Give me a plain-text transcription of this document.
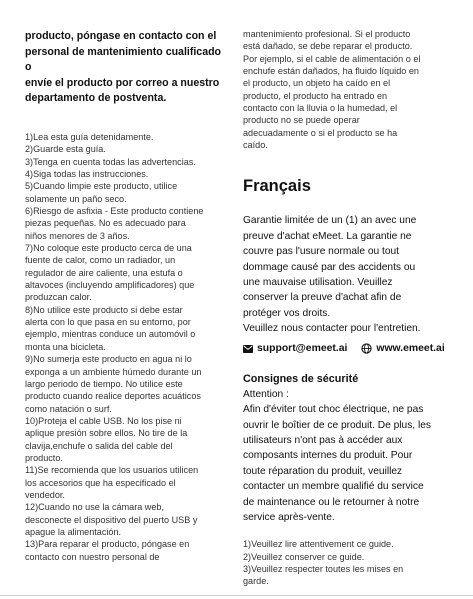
producto, póngase en contacto con el
personal de mantenimiento cualificado o
envíe el producto por correo a nuestro
departamento de postventa.

1)Lea esta guía detenidamente.

2)Guarde esta guía.

3)Tenga en cuenta todas las advertencias.

4)Siga todas las instrucciones.

5)Cuando limpie este producto, utilice

solamente un paño seco.

6)Riesgo de asfixia - Este producto contiene

piezas pequeñas. No es adecuado para

niños menores de 3 años.

7)No coloque este producto cerca de una

fuente de calor, como un radiador, un

regulador de aire caliente, una estufa o

altavoces (incluyendo amplificadores) que

produzcan calor.

8)No utilice este producto si debe estar

alerta con lo que pasa en su entorno, por

ejemplo, mientras conduce un automóvil o

monta una bicicleta.

9)No sumerja este producto en agua ni lo

exponga a un ambiente húmedo durante un

largo periodo de tiempo. No utilice este

producto cuando realice deportes acuáticos

como natación o surf.

10)Proteja el cable USB. No los pise ni

aplique presión sobre ellos. No tire de la

clavija,enchufe o salida del cable del

producto.

11)Se recomienda que los usuarios utilicen

los accesorios que ha especificado el

vendedor.

12)Cuando no use la cámara web,

desconecte el dispositivo del puerto USB y

apague la alimentación.

13)Para reparar el producto, póngase en

contacto con nuestro personal de

mantenimiento profesional. Si el producto

está dañado, se debe reparar el producto.

Por ejemplo, si el cable de alimentación o el

enchufe están dañados, ha fluido líquido en

el producto, un objeto ha caído en el

producto, el producto ha entrado en

contacto con la lluvia o la humedad, el

producto no se puede operar

adecuadamente o si el producto se ha

caído.

Français

Garantie limitée de un (1) an avec une

preuve d'achat eMeet. La garantie ne

couvre pas l'usure normale ou tout

dommage causé par des accidents ou

une mauvaise utilisation. Veuillez

conserver la preuve d'achat afin de

protéger vos droits.

Veuillez nous contacter pour l'entretien.

support@emeet.ai	www.emeet.ai
Consignes de sécurité

Attention :

Afin d'éviter tout choc électrique, ne pas

ouvrir le boîtier de ce produit. De plus, les

utilisateurs n'ont pas à accéder aux

composants internes du produit. Pour

toute réparation du produit, veuillez

contacter un membre qualifié du service

de maintenance ou le retourner à notre

service après-vente.

1)Veuillez lire attentivement ce guide.

2)Veuillez conserver ce guide.

3)Veuillez respecter toutes les mises en

garde.
